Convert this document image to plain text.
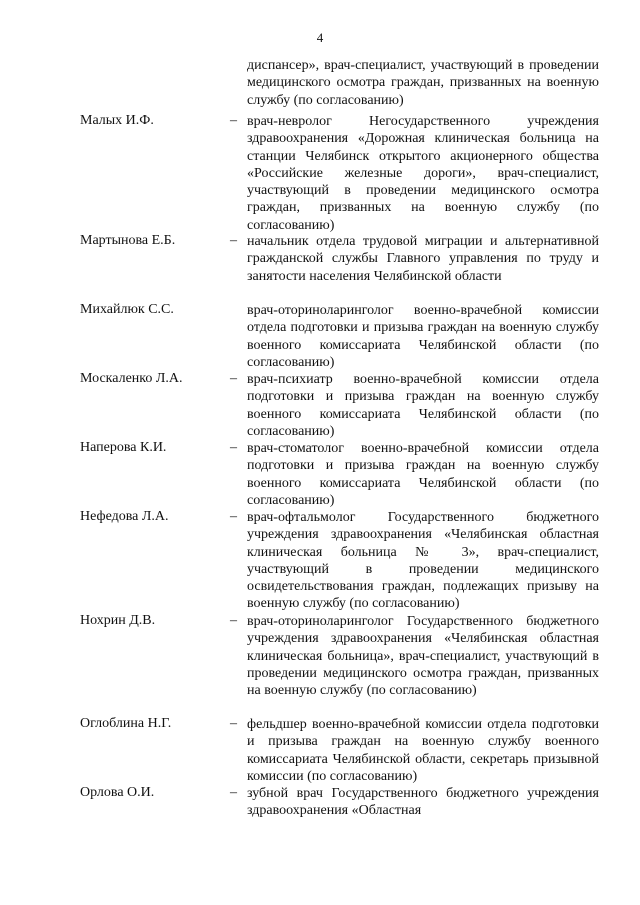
4
диспансер», врач-специалист, участвующий в проведении медицинского осмотра граждан, призванных на военную службу (по согласованию)
Малых И.Ф.	– врач-невролог Негосударственного учреждения здравоохранения «Дорожная клиническая больница на станции Челябинск открытого акционерного общества «Российские железные дороги», врач-специалист, участвующий в проведении медицинского осмотра граждан, призванных на военную службу (по согласованию)
Мартынова Е.Б.	– начальник отдела трудовой миграции и альтернативной гражданской службы Главного управления по труду и занятости населения Челябинской области
Михайлюк С.С.	врач-оториноларинголог военно-врачебной комиссии отдела подготовки и призыва граждан на военную службу военного комиссариата Челябинской области (по согласованию)
Москаленко Л.А.	– врач-психиатр военно-врачебной комиссии отдела подготовки и призыва граждан на военную службу военного комиссариата Челябинской области (по согласованию)
Наперова К.И.	– врач-стоматолог военно-врачебной комиссии отдела подготовки и призыва граждан на военную службу военного комиссариата Челябинской области (по согласованию)
Нефедова Л.А.	– врач-офтальмолог Государственного бюджетного учреждения здравоохранения «Челябинская областная клиническая больница № 3», врач-специалист, участвующий в проведении медицинского освидетельствования граждан, подлежащих призыву на военную службу (по согласованию)
Нохрин Д.В.	– врач-оториноларинголог Государственного бюджетного учреждения здравоохранения «Челябинская областная клиническая больница», врач-специалист, участвующий в проведении медицинского осмотра граждан, призванных на военную службу (по согласованию)
Оглоблина Н.Г.	– фельдшер военно-врачебной комиссии отдела подготовки и призыва граждан на военную службу военного комиссариата Челябинской области, секретарь призывной комиссии (по согласованию)
Орлова О.И.	– зубной врач Государственного бюджетного учреждения здравоохранения «Областная
